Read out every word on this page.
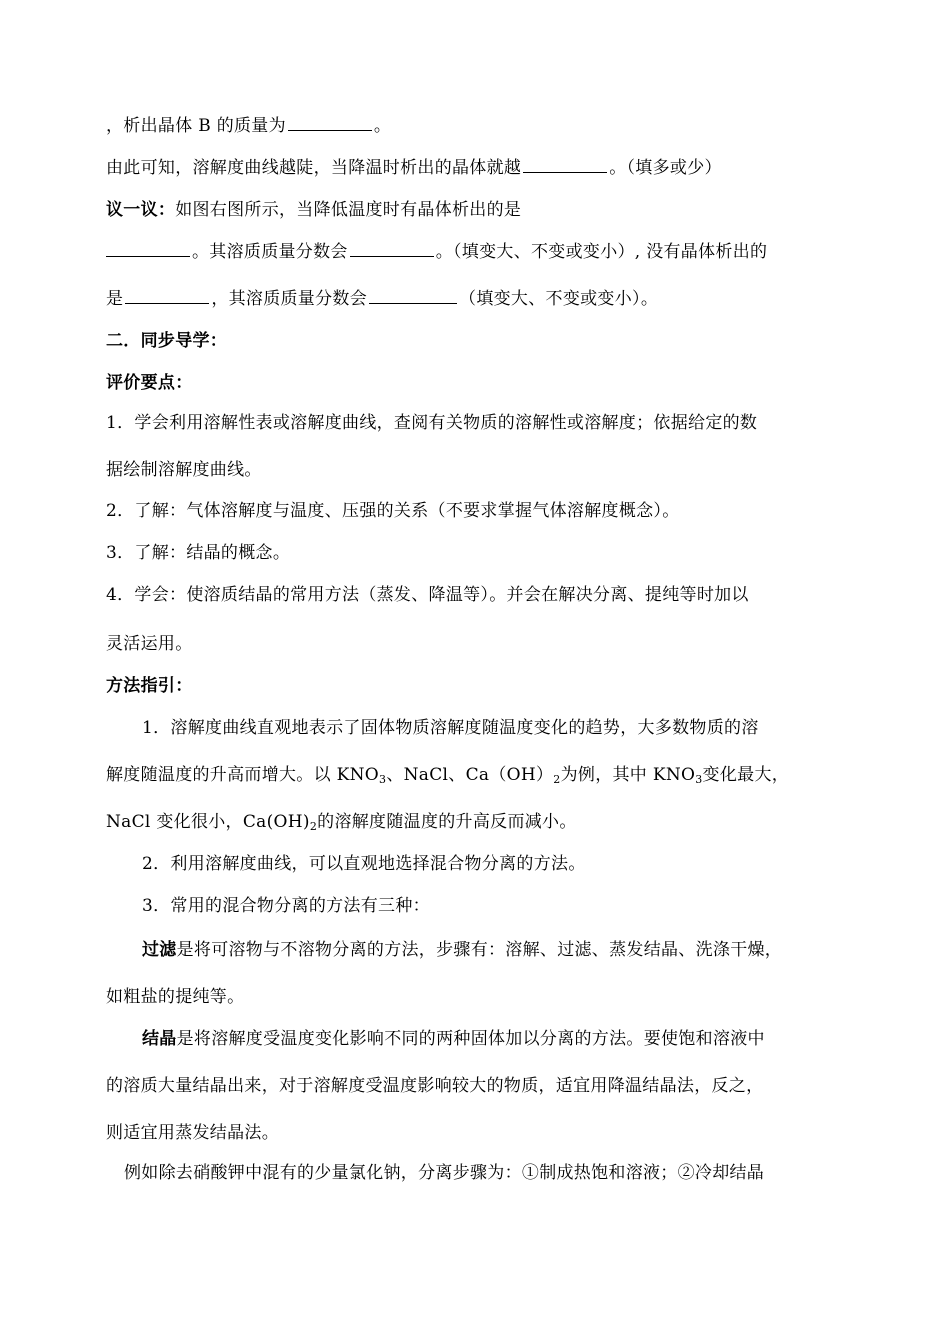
，析出晶体 B 的质量为	。
由此可知，溶解度曲线越陡，当降温时析出的晶体就越	。（填多或少）
议一议：如图右图所示，当降低温度时有晶体析出的是
。其溶质质量分数会	。（填变大、不变或变小）, 没有晶体析出的
是	，其溶质质量分数会	（填变大、不变或变小）。
二．同步导学：
评价要点：
1．学会利用溶解性表或溶解度曲线，查阅有关物质的溶解性或溶解度；依据给定的数
据绘制溶解度曲线。
2．了解：气体溶解度与温度、压强的关系（不要求掌握气体溶解度概念）。
3．了解：结晶的概念。
4．学会：使溶质结晶的常用方法（蒸发、降温等）。并会在解决分离、提纯等时加以
灵活运用。
方法指引：
1．溶解度曲线直观地表示了固体物质溶解度随温度变化的趋势，大多数物质的溶
解度随温度的升高而增大。以 $KNO_3$、NaCl、$Ca(OH)_2$为例，其中 $KNO_3$变化最大，
NaCl 变化很小，$Ca(OH)_2$的溶解度随温度的升高反而减小。
2．利用溶解度曲线，可以直观地选择混合物分离的方法。
3．常用的混合物分离的方法有三种：
过滤是将可溶物与不溶物分离的方法，步骤有：溶解、过滤、蒸发结晶、洗涤干燥，
如粗盐的提纯等。
结晶是将溶解度受温度变化影响不同的两种固体加以分离的方法。要使饱和溶液中
的溶质大量结晶出来，对于溶解度受温度影响较大的物质，适宜用降温结晶法，反之，
则适宜用蒸发结晶法。
例如除去硝酸钾中混有的少量氯化钠，分离步骤为：①制成热饱和溶液；②冷却结晶
